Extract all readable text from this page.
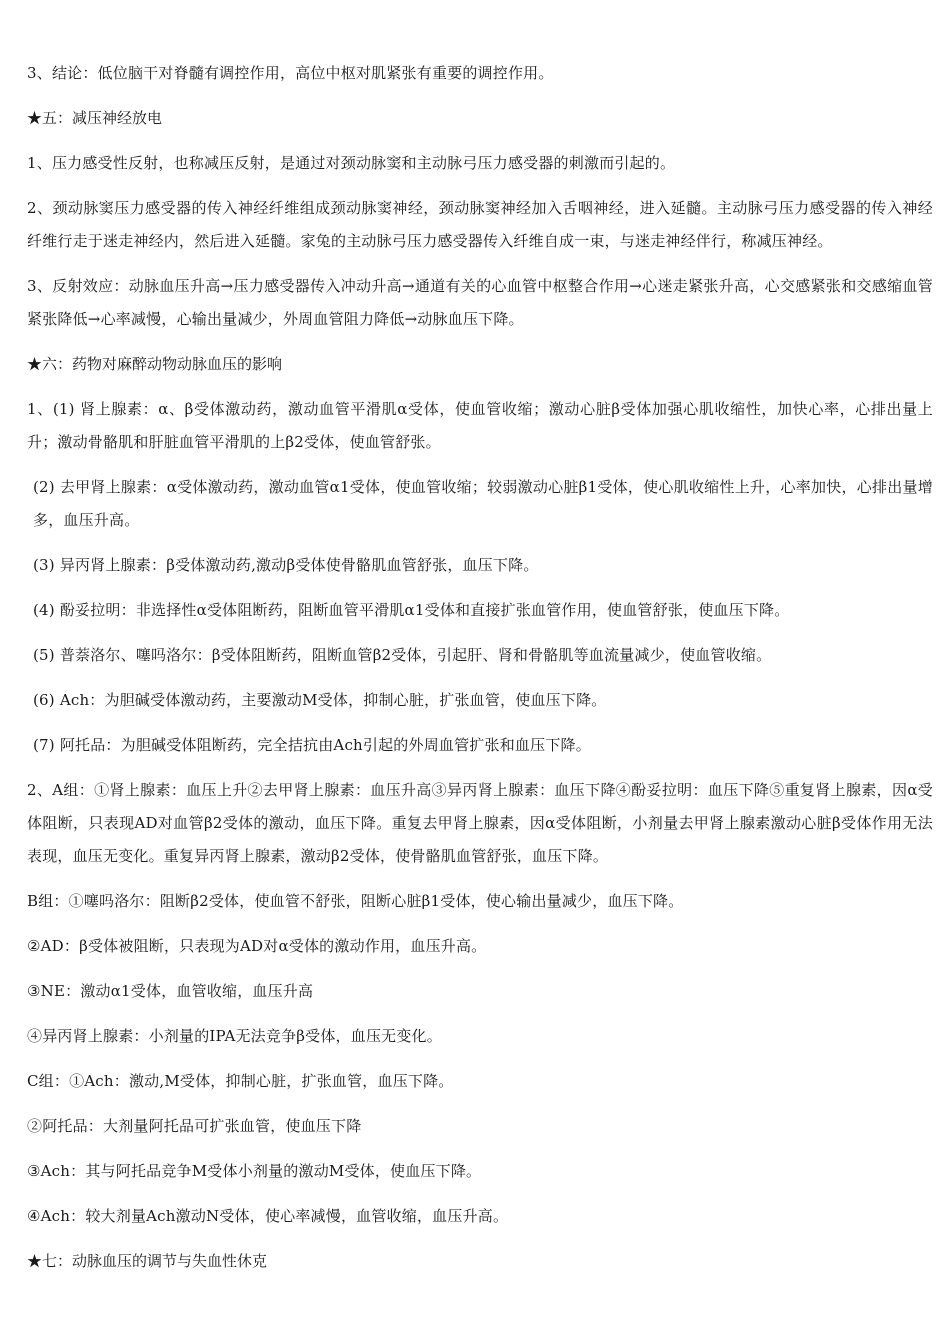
3、结论：低位脑干对脊髓有调控作用，高位中枢对肌紧张有重要的调控作用。

★五：减压神经放电

1、压力感受性反射，也称减压反射，是通过对颈动脉窦和主动脉弓压力感受器的刺激而引起的。

2、颈动脉窦压力感受器的传入神经纤维组成颈动脉窦神经，颈动脉窦神经加入舌咽神经，进入延髓。主动脉弓压力感受器的传入神经纤维行走于迷走神经内，然后进入延髓。家兔的主动脉弓压力感受器传入纤维自成一束，与迷走神经伴行，称减压神经。

3、反射效应：动脉血压升高→压力感受器传入冲动升高→通道有关的心血管中枢整合作用→心迷走紧张升高，心交感紧张和交感缩血管紧张降低→心率减慢，心输出量减少，外周血管阻力降低→动脉血压下降。

★六：药物对麻醉动物动脉血压的影响

1、(1) 肾上腺素：α、β受体激动药，激动血管平滑肌α受体，使血管收缩；激动心脏β受体加强心肌收缩性，加快心率，心排出量上升；激动骨骼肌和肝脏血管平滑肌的上β2受体，使血管舒张。

(2) 去甲肾上腺素：α受体激动药，激动血管α1受体，使血管收缩；较弱激动心脏β1受体，使心肌收缩性上升，心率加快，心排出量增多，血压升高。

(3) 异丙肾上腺素：β受体激动药,激动β受体使骨骼肌血管舒张，血压下降。

(4) 酚妥拉明：非选择性α受体阻断药，阻断血管平滑肌α1受体和直接扩张血管作用，使血管舒张，使血压下降。

(5) 普萘洛尔、噻吗洛尔：β受体阻断药，阻断血管β2受体，引起肝、肾和骨骼肌等血流量减少，使血管收缩。

(6) Ach：为胆碱受体激动药，主要激动M受体，抑制心脏，扩张血管，使血压下降。

(7) 阿托品：为胆碱受体阻断药，完全拮抗由Ach引起的外周血管扩张和血压下降。

2、A组：①肾上腺素：血压上升②去甲肾上腺素：血压升高③异丙肾上腺素：血压下降④酚妥拉明：血压下降⑤重复肾上腺素，因α受体阻断，只表现AD对血管β2受体的激动，血压下降。重复去甲肾上腺素，因α受体阻断，小剂量去甲肾上腺素激动心脏β受体作用无法表现，血压无变化。重复异丙肾上腺素，激动β2受体，使骨骼肌血管舒张，血压下降。

B组：①噻吗洛尔：阻断β2受体，使血管不舒张，阻断心脏β1受体，使心输出量减少，血压下降。

②AD：β受体被阻断，只表现为AD对α受体的激动作用，血压升高。

③NE：激动α1受体，血管收缩，血压升高

④异丙肾上腺素：小剂量的IPA无法竞争β受体，血压无变化。

C组：①Ach：激动,M受体，抑制心脏，扩张血管，血压下降。

②阿托品：大剂量阿托品可扩张血管，使血压下降

③Ach：其与阿托品竞争M受体小剂量的激动M受体，使血压下降。

④Ach：较大剂量Ach激动N受体，使心率减慢，血管收缩，血压升高。

★七：动脉血压的调节与失血性休克
